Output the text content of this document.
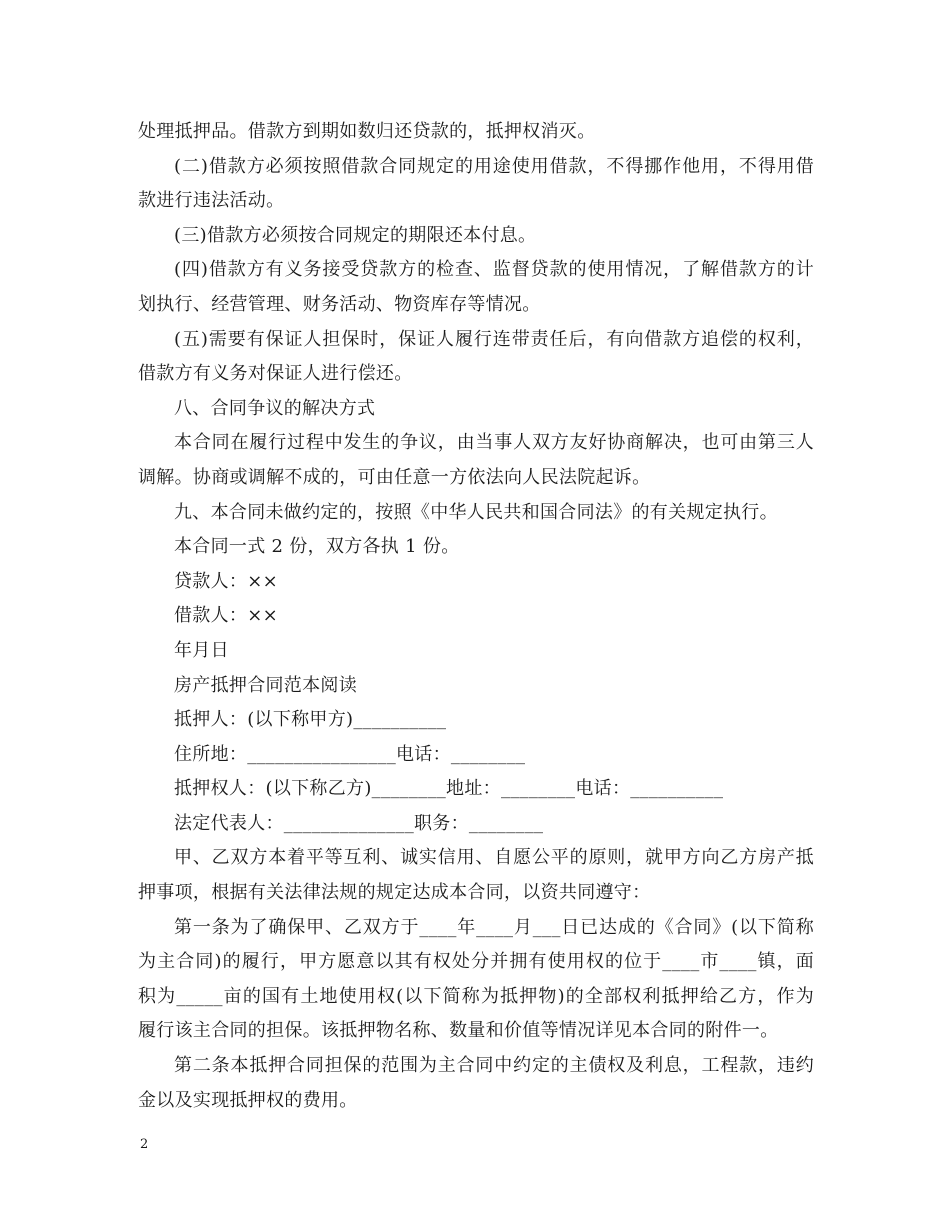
处理抵押品。借款方到期如数归还贷款的，抵押权消灭。
(二)借款方必须按照借款合同规定的用途使用借款，不得挪作他用，不得用借
款进行违法活动。
(三)借款方必须按合同规定的期限还本付息。
(四)借款方有义务接受贷款方的检查、监督贷款的使用情况，了解借款方的计
划执行、经营管理、财务活动、物资库存等情况。
(五)需要有保证人担保时，保证人履行连带责任后，有向借款方追偿的权利，
借款方有义务对保证人进行偿还。
八、合同争议的解决方式
本合同在履行过程中发生的争议，由当事人双方友好协商解决，也可由第三人
调解。协商或调解不成的，可由任意一方依法向人民法院起诉。
九、本合同未做约定的，按照《中华人民共和国合同法》的有关规定执行。
本合同一式 2 份，双方各执 1 份。
贷款人：××
借款人：××
年月日
房产抵押合同范本阅读
抵押人：(以下称甲方)__________
住所地：________________电话：________
抵押权人：(以下称乙方)________地址：________电话：__________
法定代表人：______________职务：________
甲、乙双方本着平等互利、诚实信用、自愿公平的原则，就甲方向乙方房产抵
押事项，根据有关法律法规的规定达成本合同，以资共同遵守：
第一条为了确保甲、乙双方于____年____月___日已达成的《合同》(以下简称
为主合同)的履行，甲方愿意以其有权处分并拥有使用权的位于____市____镇，面
积为_____亩的国有土地使用权(以下简称为抵押物)的全部权利抵押给乙方，作为
履行该主合同的担保。该抵押物名称、数量和价值等情况详见本合同的附件一。
第二条本抵押合同担保的范围为主合同中约定的主债权及利息，工程款，违约
金以及实现抵押权的费用。
2
